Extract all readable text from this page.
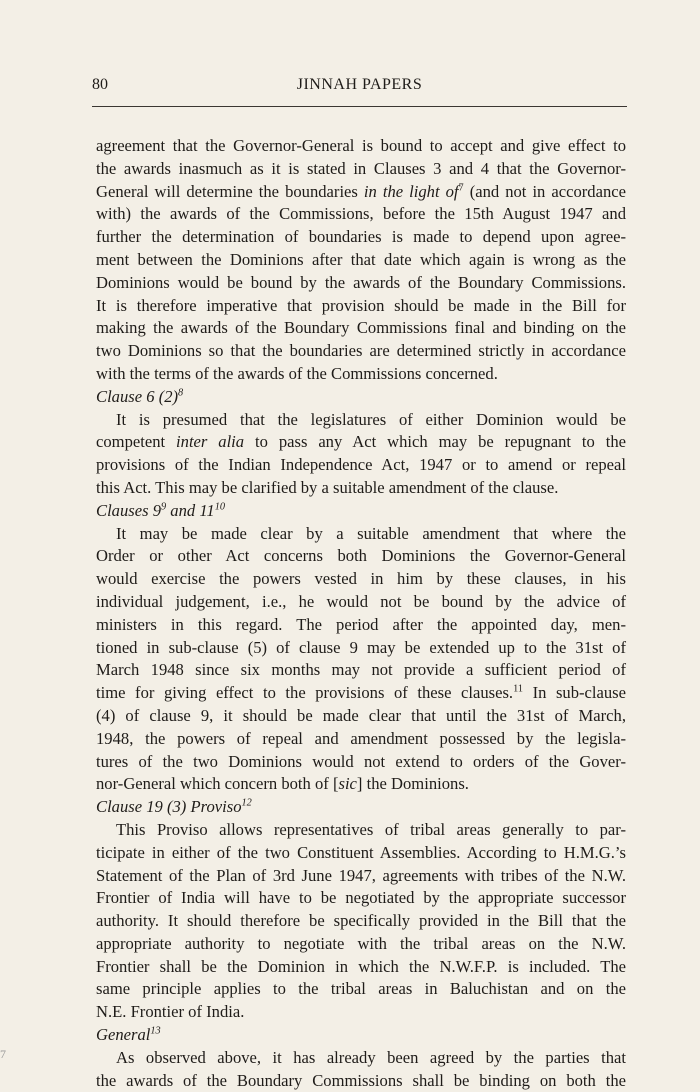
80	JINNAH PAPERS
agreement that the Governor-General is bound to accept and give effect to
the awards inasmuch as it is stated in Clauses 3 and 4 that the Governor-
General will determine the boundaries in the light $of^7$ (and not in accordance
with) the awards of the Commissions, before the 15th August 1947 and
further the determination of boundaries is made to depend upon agree-
ment between the Dominions after that date which again is wrong as the
Dominions would be bound by the awards of the Boundary Commissions.
It is therefore imperative that provision should be made in the Bill for
making the awards of the Boundary Commissions final and binding on the
two Dominions so that the boundaries are determined strictly in accordance
with the terms of the awards of the Commissions concerned.
Clause 6 $(2)^8$
It is presumed that the legislatures of either Dominion would be
competent inter alia to pass any Act which may be repugnant to the
provisions of the Indian Independence Act, 1947 or to amend or repeal
this Act. This may be clarified by a suitable amendment of the clause.
Clauses $9^9$ and $11^{10}$
It may be made clear by a suitable amendment that where the
Order or other Act concerns both Dominions the Governor-General
would exercise the powers vested in him by these clauses, in his
individual judgement, i.e., he would not be bound by the advice of
ministers in this regard. The period after the appointed day, men-
tioned in sub-clause (5) of clause 9 may be extended up to the 31st of
March 1948 since six months may not provide a sufficient period of
time for giving effect to the provisions of these clauses.$^{11}$ In sub-clause
(4) of clause 9, it should be made clear that until the 31st of March,
1948, the powers of repeal and amendment possessed by the legisla-
tures of the two Dominions would not extend to orders of the Gover-
nor-General which concern both of [sic] the Dominions.
Clause 19 (3) Proviso$^{12}$
This Proviso allows representatives of tribal areas generally to par-
ticipate in either of the two Constituent Assemblies. According to H.M.G.’s
Statement of the Plan of 3rd June 1947, agreements with tribes of the N.W.
Frontier of India will have to be negotiated by the appropriate successor
authority. It should therefore be specifically provided in the Bill that the
appropriate authority to negotiate with the tribal areas on the N.W.
Frontier shall be the Dominion in which the N.W.F.P. is included. The
same principle applies to the tribal areas in Baluchistan and on the
N.E. Frontier of India.
General$^{13}$
As observed above, it has already been agreed by the parties that
the awards of the Boundary Commissions shall be binding on both the
7
